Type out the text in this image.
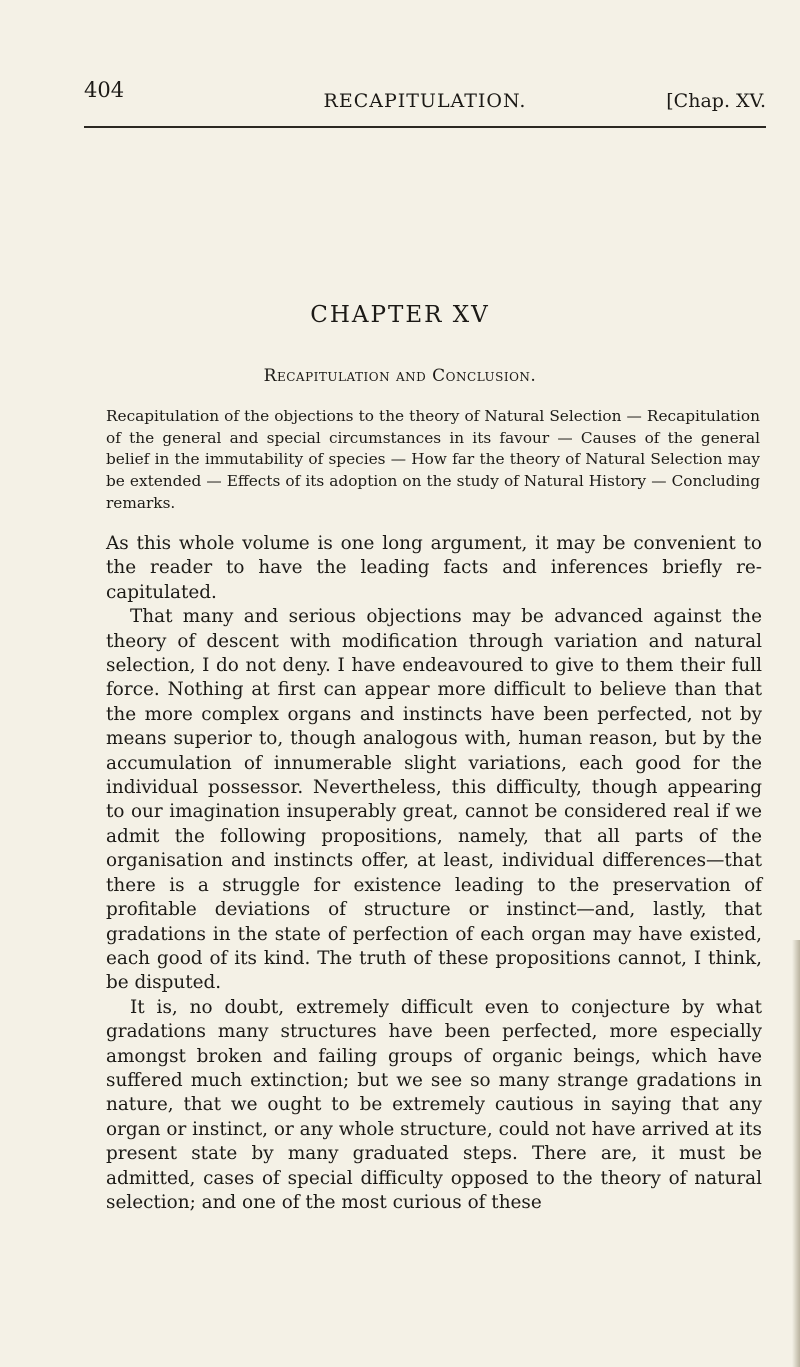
404	RECAPITULATION.	[Chap. XV.
CHAPTER XV
Recapitulation and Conclusion.

Recapitulation of the objections to the theory of Natural Selection — Recapitulation of the general and special circumstances in its favour — Causes of the general belief in the immutability of species — How far the theory of Natural Selection may be extended — Effects of its adoption on the study of Natural History — Concluding remarks.

As this whole volume is one long argument, it may be convenient to the reader to have the leading facts and inferences briefly re-capitulated.

That many and serious objections may be advanced against the theory of descent with modification through variation and natural selection, I do not deny. I have endeavoured to give to them their full force. Nothing at first can appear more difficult to believe than that the more complex organs and instincts have been perfected, not by means superior to, though analogous with, human reason, but by the accumulation of innumerable slight variations, each good for the individual possessor. Nevertheless, this difficulty, though appearing to our imagination insuperably great, cannot be considered real if we admit the following propositions, namely, that all parts of the organisation and instincts offer, at least, individual differences—that there is a struggle for existence leading to the preservation of profitable deviations of structure or instinct—and, lastly, that gradations in the state of perfection of each organ may have existed, each good of its kind. The truth of these propositions cannot, I think, be disputed.

It is, no doubt, extremely difficult even to conjecture by what gradations many structures have been perfected, more especially amongst broken and failing groups of organic beings, which have suffered much extinction; but we see so many strange gradations in nature, that we ought to be extremely cautious in saying that any organ or instinct, or any whole structure, could not have arrived at its present state by many graduated steps. There are, it must be admitted, cases of special difficulty opposed to the theory of natural selection; and one of the most curious of these
